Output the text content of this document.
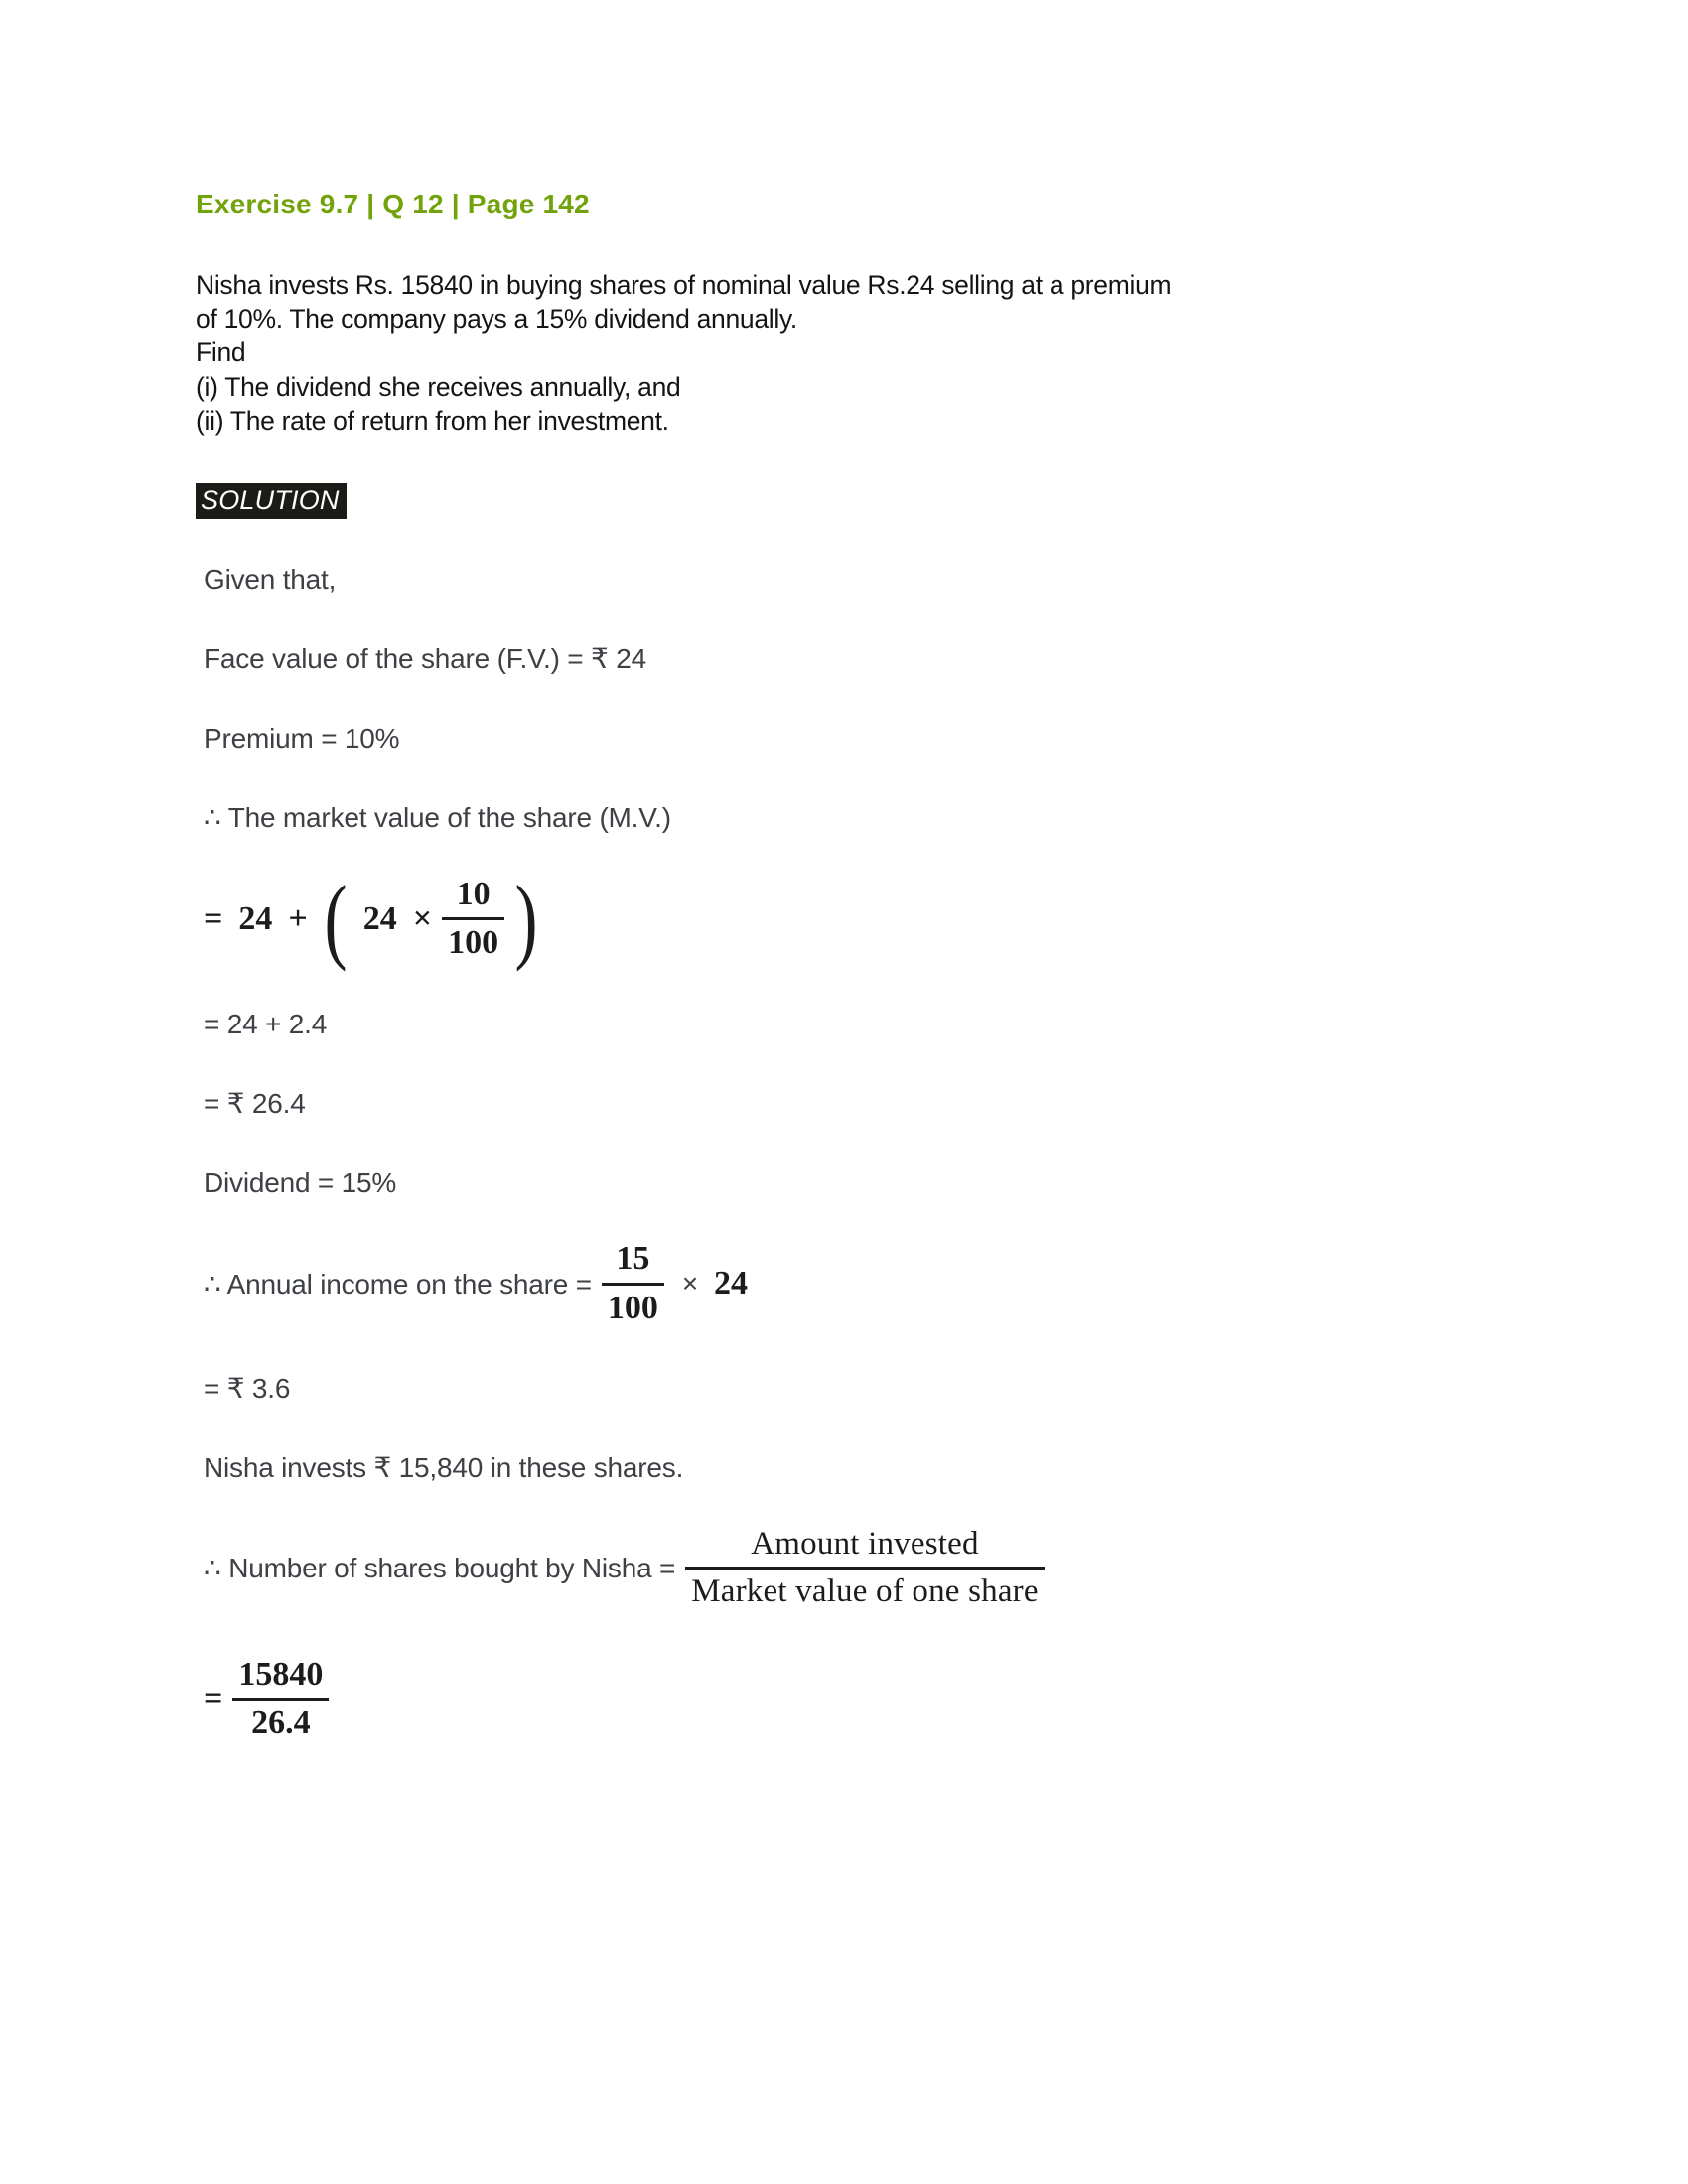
Exercise 9.7 | Q 12 | Page 142

Nisha invests Rs. 15840 in buying shares of nominal value Rs.24 selling at a premium

of 10%. The company pays a 15% dividend annually.

Find

(i) The dividend she receives annually, and

(ii) The rate of return from her investment.

SOLUTION
Given that,
Face value of the share (F.V.) = ₹ 24
Premium = 10%
∴ The market value of the share (M.V.)
= 24 + ( $24 \times \frac{10}{100}$ )
= 24 + 2.4
= ₹ 26.4
Dividend = 15%
∴ Annual income on the share = $\frac{15}{100} \times 24$
= ₹ 3.6
Nisha invests ₹ 15,840 in these shares.
∴ Number of shares bought by Nisha = $\frac{\text{Amount invested}}{\text{Market value of one share}}$
= $\frac{15840}{26.4}$
